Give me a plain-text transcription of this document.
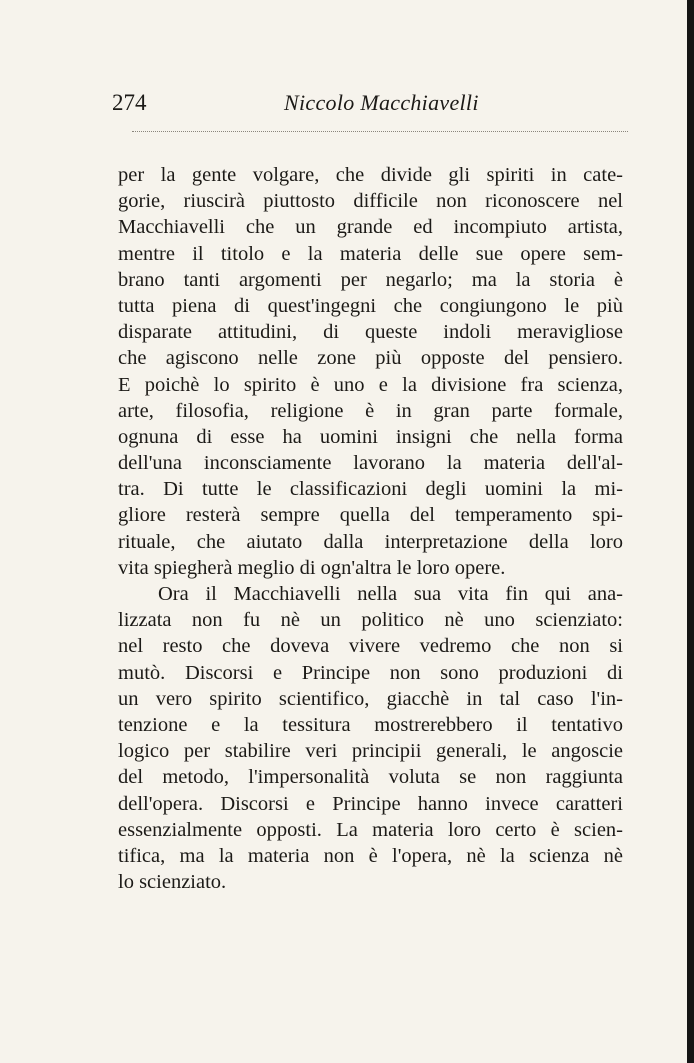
274	Niccolo Macchiavelli
per la gente volgare, che divide gli spiriti in cate-
gorie, riuscirà piuttosto difficile non riconoscere nel
Macchiavelli che un grande ed incompiuto artista,
mentre il titolo e la materia delle sue opere sem-
brano tanti argomenti per negarlo; ma la storia è
tutta piena di quest'ingegni che congiungono le più
disparate attitudini, di queste indoli meravigliose
che agiscono nelle zone più opposte del pensiero.
E poichè lo spirito è uno e la divisione fra scienza,
arte, filosofia, religione è in gran parte formale,
ognuna di esse ha uomini insigni che nella forma
dell'una inconsciamente lavorano la materia dell'al-
tra. Di tutte le classificazioni degli uomini la mi-
gliore resterà sempre quella del temperamento spi-
rituale, che aiutato dalla interpretazione della loro
vita spiegherà meglio di ogn'altra le loro opere.
Ora il Macchiavelli nella sua vita fin qui ana-
lizzata non fu nè un politico nè uno scienziato:
nel resto che doveva vivere vedremo che non si
mutò. Discorsi e Principe non sono produzioni di
un vero spirito scientifico, giacchè in tal caso l'in-
tenzione e la tessitura mostrerebbero il tentativo
logico per stabilire veri principii generali, le angoscie
del metodo, l'impersonalità voluta se non raggiunta
dell'opera. Discorsi e Principe hanno invece caratteri
essenzialmente opposti. La materia loro certo è scien-
tifica, ma la materia non è l'opera, nè la scienza nè
lo scienziato.
